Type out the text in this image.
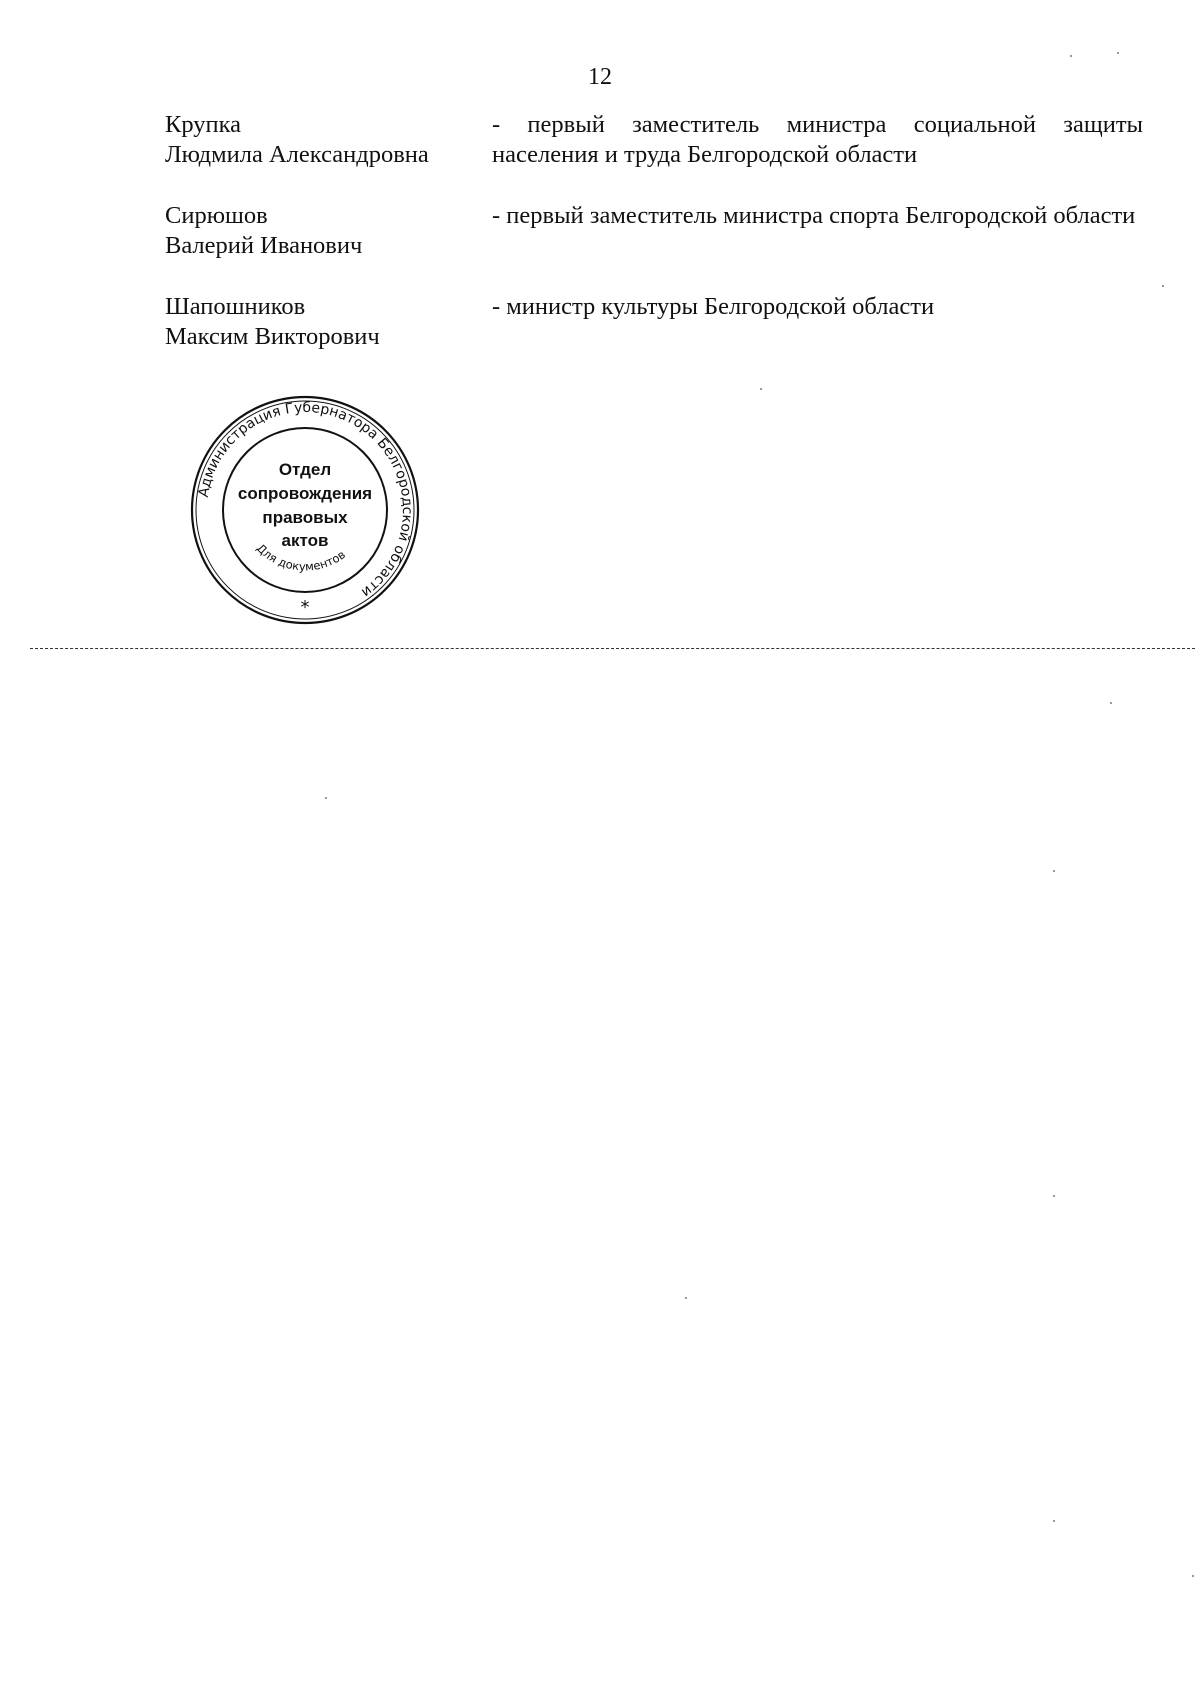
12
Крупка
Людмила Александровна
- первый заместитель министра социальной защиты населения и труда Белгородской области
Сирюшов
Валерий Иванович
- первый заместитель министра спорта Белгородской области
Шапошников
Максим Викторович
- министр культуры Белгородской области
Администрация Губернатора Белгородской области
Для документов
Отдел
сопровождения
правовых
актов
*
